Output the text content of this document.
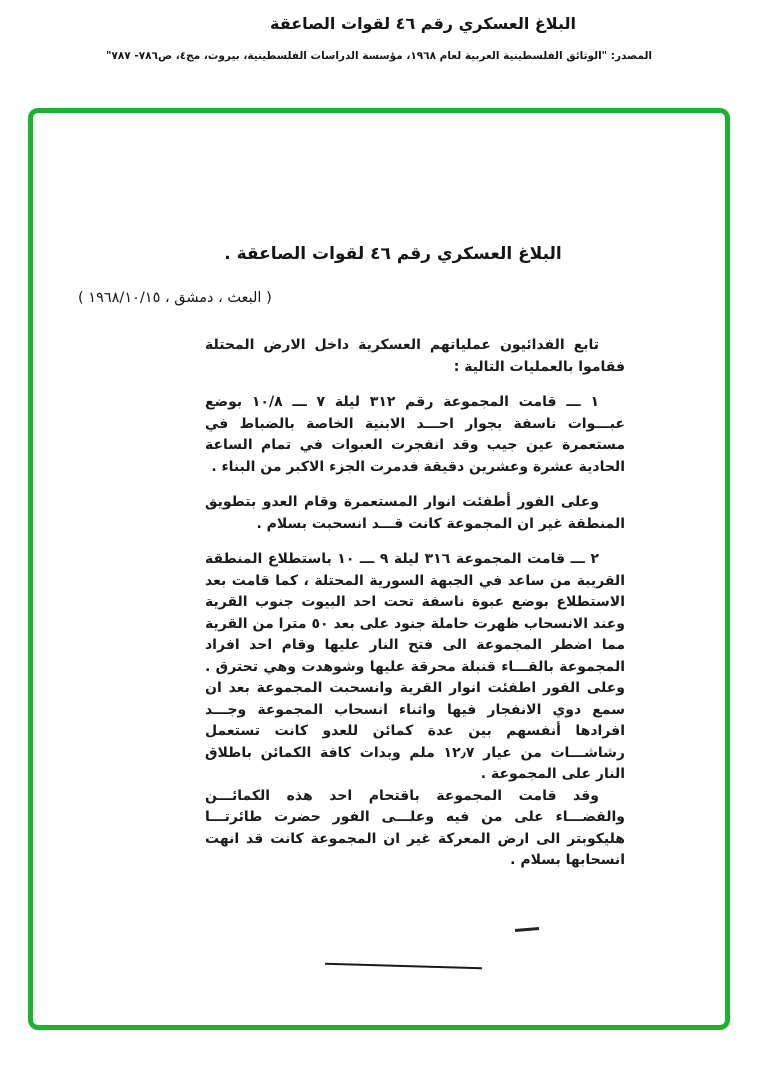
البلاغ العسكري رقم ٤٦ لقوات الصاعقة
المصدر: "الوثائق الفلسطينية العربية لعام ١٩٦٨، مؤسسة الدراسات الفلسطينية، بيروت، مج٤، ص٧٨٦- ٧٨٧"
البلاغ العسكري رقم ٤٦ لقوات الصاعقة .
( البعث ، دمشق ، ١٩٦٨/١٠/١٥ )

تابع الفدائيون عملياتهم العسكرية داخل الارض المحتلة فقاموا بالعمليات التالية :

١ ـــ قامت المجموعة رقم ٣١٢ ليلة ٧ ـــ ١٠/٨ بوضع عبـــوات ناسفة بجوار احـــد الابنية الخاصة بالضباط في مستعمرة عين جيب وقد انفجرت العبوات في تمام الساعة الحادية عشرة وعشرين دقيقة فدمرت الجزء الاكبر من البناء .

وعلى الفور أطفئت انوار المستعمرة وقام العدو بتطويق المنطقة غير ان المجموعة كانت قـــد انسحبت بسلام .

٢ ـــ قامت المجموعة ٣١٦ ليلة ٩ ـــ ١٠ باستطلاع المنطقة القريبة من ساعد في الجبهة السورية المحتلة ، كما قامت بعد الاستطلاع بوضع عبوة ناسفة تحت احد البيوت جنوب القرية وعند الانسحاب ظهرت حاملة جنود على بعد ٥٠ مترا من القرية مما اضطر المجموعة الى فتح النار عليها وقام احد افراد المجموعة بالقـــاء قنبلة محرقة عليها وشوهدت وهي تحترق . وعلى الفور اطفئت انوار القرية وانسحبت المجموعة بعد ان سمع دوي الانفجار فيها واثناء انسحاب المجموعة وجـــد افرادها أنفسهم بين عدة كمائن للعدو كانت تستعمل رشاشـــات من عيار ١٢٫٧ ملم وبدات كافة الكمائن باطلاق النار على المجموعة .

وقد قامت المجموعة باقتحام احد هذه الكمائـــن والقضـــاء على من فيه وعلـــى الفور حضرت طائرتـــا هليكوبتر الى ارض المعركة غير ان المجموعة كانت قد انهت انسحابها بسلام .
